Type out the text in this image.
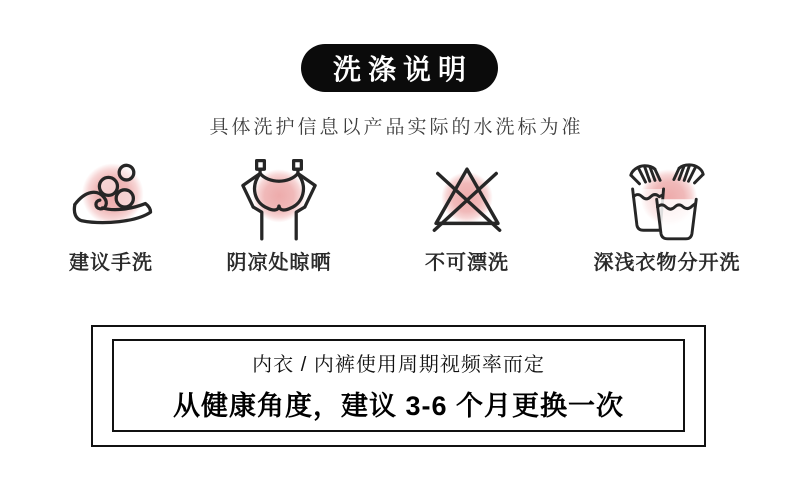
洗涤说明
具体洗护信息以产品实际的水洗标为准
建议手洗	阴凉处晾晒	不可漂洗	深浅衣物分开洗
内衣 / 内裤使用周期视频率而定
从健康角度，建议 3-6 个月更换一次
